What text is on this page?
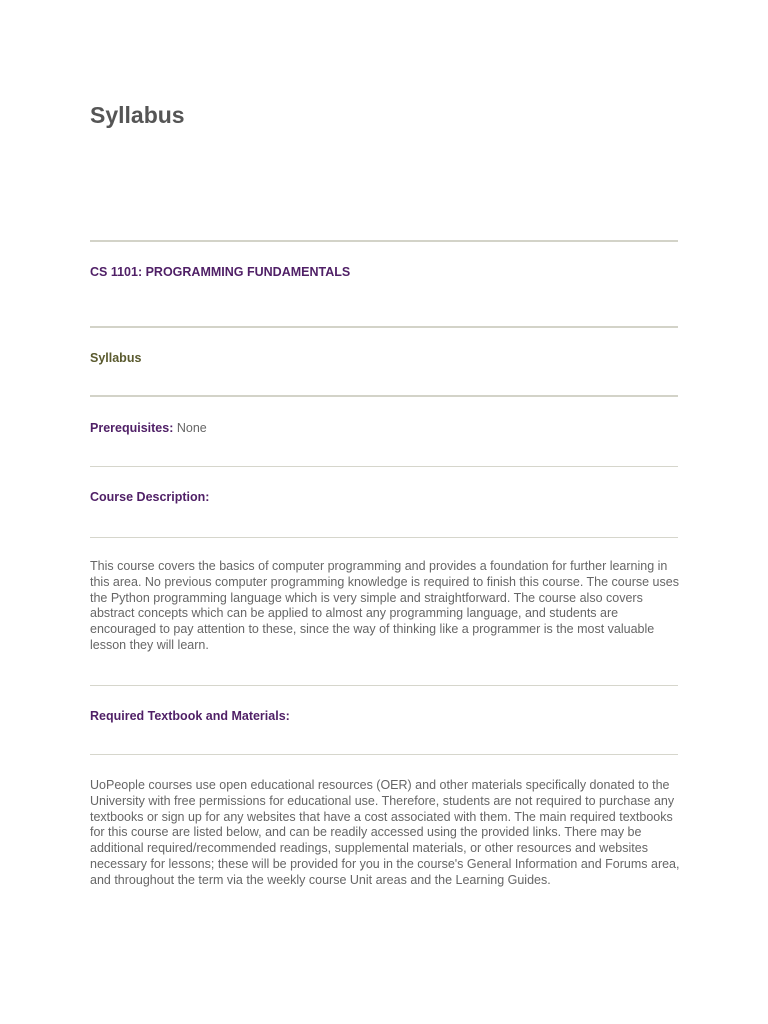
Syllabus
CS 1101: PROGRAMMING FUNDAMENTALS
Syllabus

Prerequisites: None

Course Description:

This course covers the basics of computer programming and provides a foundation for further learning in this area. No previous computer programming knowledge is required to finish this course. The course uses the Python programming language which is very simple and straightforward. The course also covers abstract concepts which can be applied to almost any programming language, and students are encouraged to pay attention to these, since the way of thinking like a programmer is the most valuable lesson they will learn.

Required Textbook and Materials:

UoPeople courses use open educational resources (OER) and other materials specifically donated to the University with free permissions for educational use. Therefore, students are not required to purchase any textbooks or sign up for any websites that have a cost associated with them. The main required textbooks for this course are listed below, and can be readily accessed using the provided links. There may be additional required/recommended readings, supplemental materials, or other resources and websites necessary for lessons; these will be provided for you in the course's General Information and Forums area, and throughout the term via the weekly course Unit areas and the Learning Guides.
